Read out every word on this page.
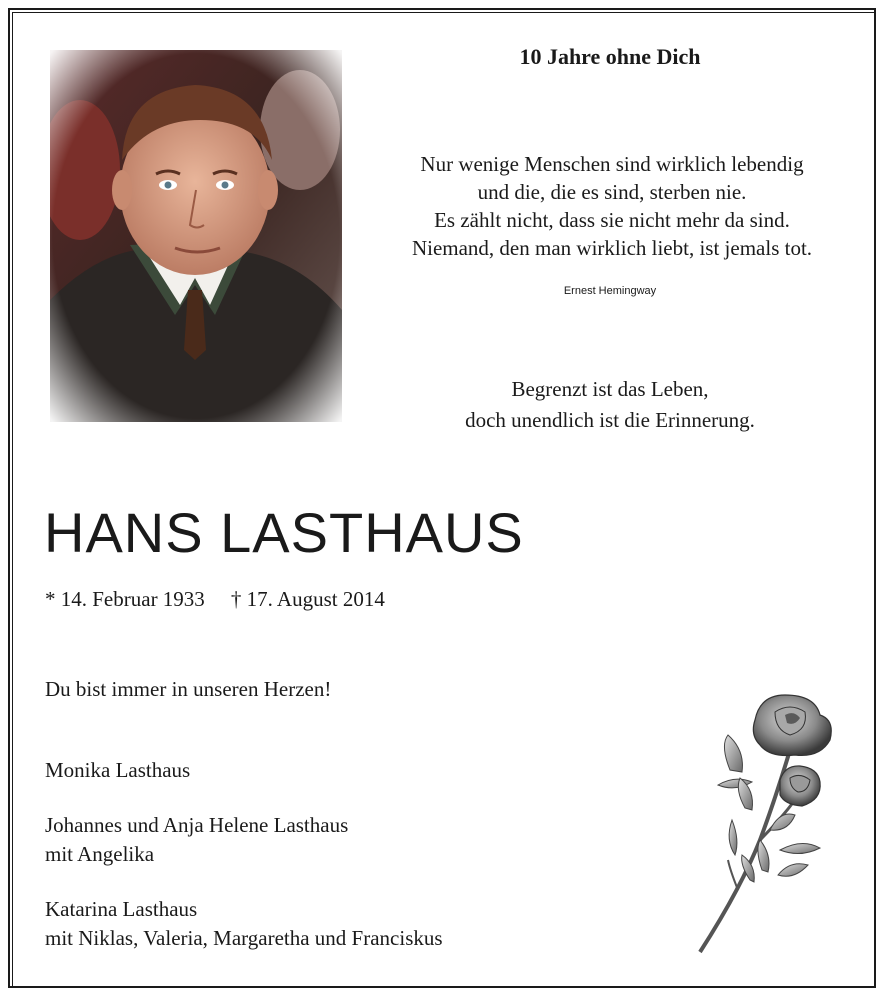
10 Jahre ohne Dich
Nur wenige Menschen sind wirklich lebendig
und die, die es sind, sterben nie.
Es zählt nicht, dass sie nicht mehr da sind.
Niemand, den man wirklich liebt, ist jemals tot.
Ernest Hemingway
Begrenzt ist das Leben,
doch unendlich ist die Erinnerung.
HANS LASTHAUS
* 14. Februar 1933 † 17. August 2014
Du bist immer in unseren Herzen!
Monika Lasthaus
Johannes und Anja Helene Lasthaus
mit Angelika
Katarina Lasthaus
mit Niklas, Valeria, Margaretha und Franciskus
